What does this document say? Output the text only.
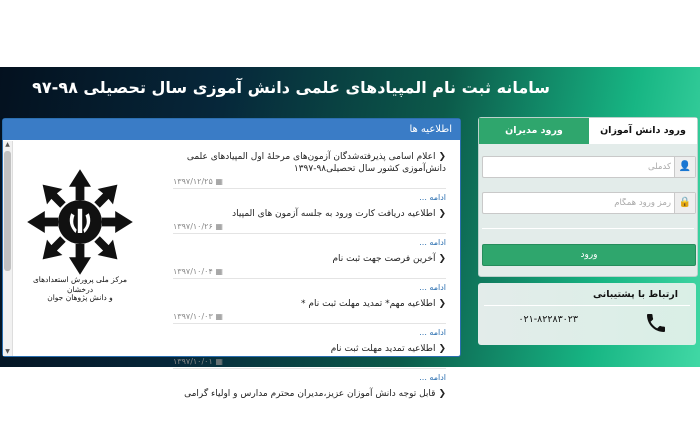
سامانه ثبت نام المپیادهای علمی دانش آموزی سال تحصیلی ۹۸-۹۷
اطلاعیه ها
▲
▼
مرکز ملی پرورش استعدادهای درخشان
و دانش پژوهان جوان
❮اعلام اسامی پذیرفته‌شدگان آزمون‌های مرحلهٔ اول المپیادهای علمی دانش‌آموزی کشور سال تحصیلی۹۸-۱۳۹۷
۱۳۹۷/۱۲/۲۵ ▦
ادامه ...
❮اطلاعیه دریافت کارت ورود به جلسه آزمون های المپیاد
۱۳۹۷/۱۰/۲۶ ▦
ادامه ...
❮آخرین فرصت جهت ثبت نام
۱۳۹۷/۱۰/۰۴ ▦
ادامه ...
❮اطلاعیه مهم* تمدید مهلت ثبت نام *
۱۳۹۷/۱۰/۰۳ ▦
ادامه ...
❮اطلاعیه تمدید مهلت ثبت نام
۱۳۹۷/۱۰/۰۱ ▦
ادامه ...
❮قابل توجه دانش آموزان عزیز،مدیران محترم مدارس و اولیاء گرامی
ورود دانش آموزان
ورود مدیران
👤
کدملی
🔒
ورود
ارتباط با پشتیبانی
۰۲۱-۸۲۲۸۳۰۲۳
